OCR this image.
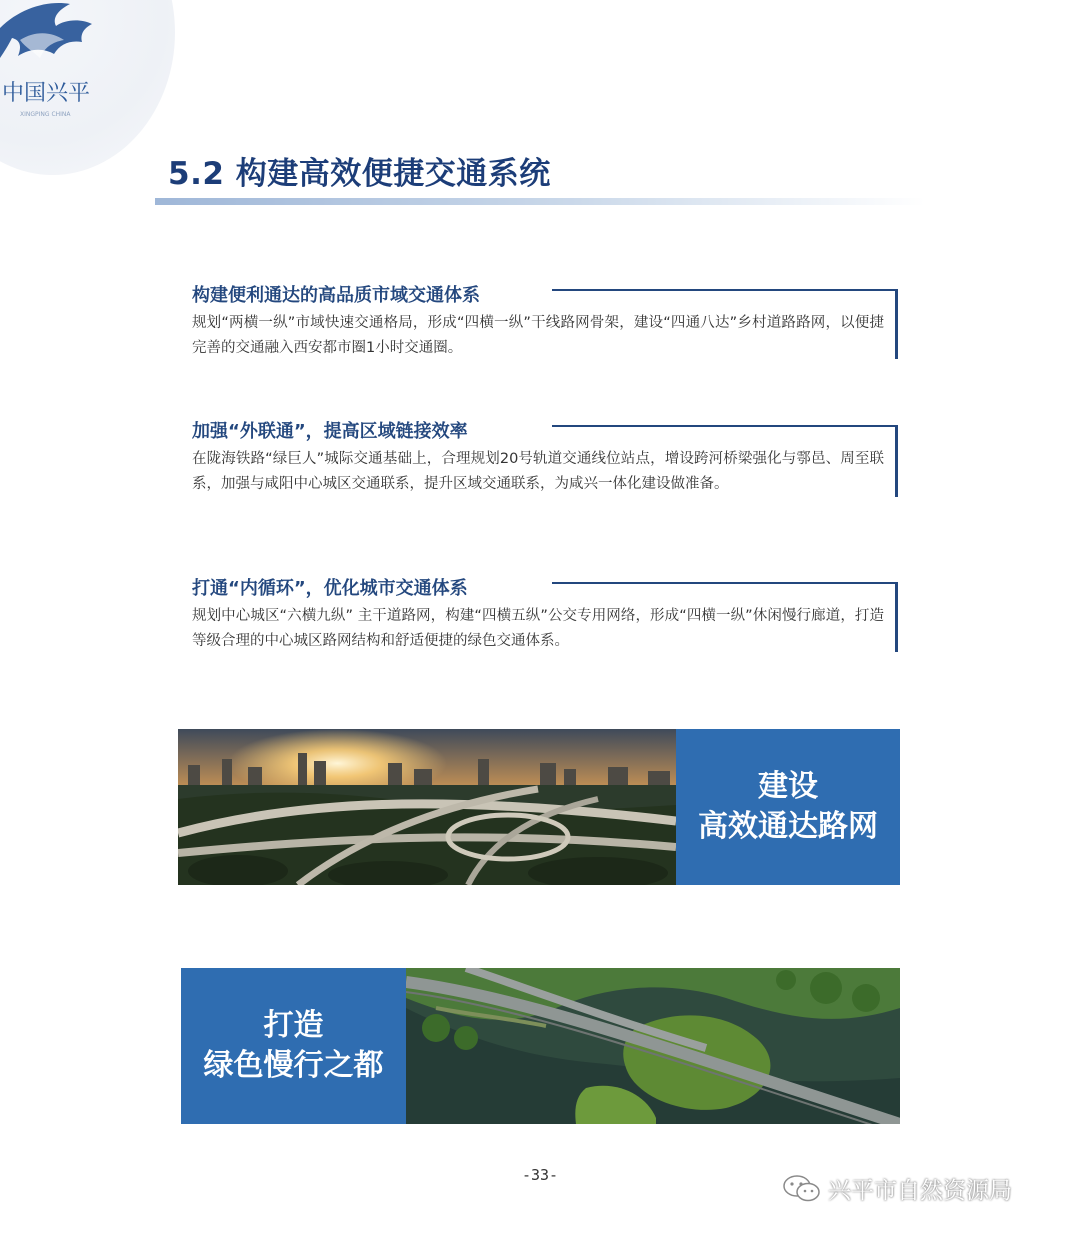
中国兴平
XINGPING CHINA
5.2 构建高效便捷交通系统
构建便利通达的高品质市域交通体系

规划“两横一纵”市域快速交通格局，形成“四横一纵”干线路网骨架，建设“四通八达”乡村道路路网，以便捷完善的交通融入西安都市圈1小时交通圈。

加强“外联通”，提高区域链接效率

在陇海铁路“绿巨人”城际交通基础上，合理规划20号轨道交通线位站点，增设跨河桥梁强化与鄠邑、周至联系，加强与咸阳中心城区交通联系，提升区域交通联系，为咸兴一体化建设做准备。

打通“内循环”，优化城市交通体系

规划中心城区“六横九纵” 主干道路网，构建“四横五纵”公交专用网络，形成“四横一纵”休闲慢行廊道，打造等级合理的中心城区路网结构和舒适便捷的绿色交通体系。

建设
高效通达路网
打造
绿色慢行之都
-33-
兴平市自然资源局
